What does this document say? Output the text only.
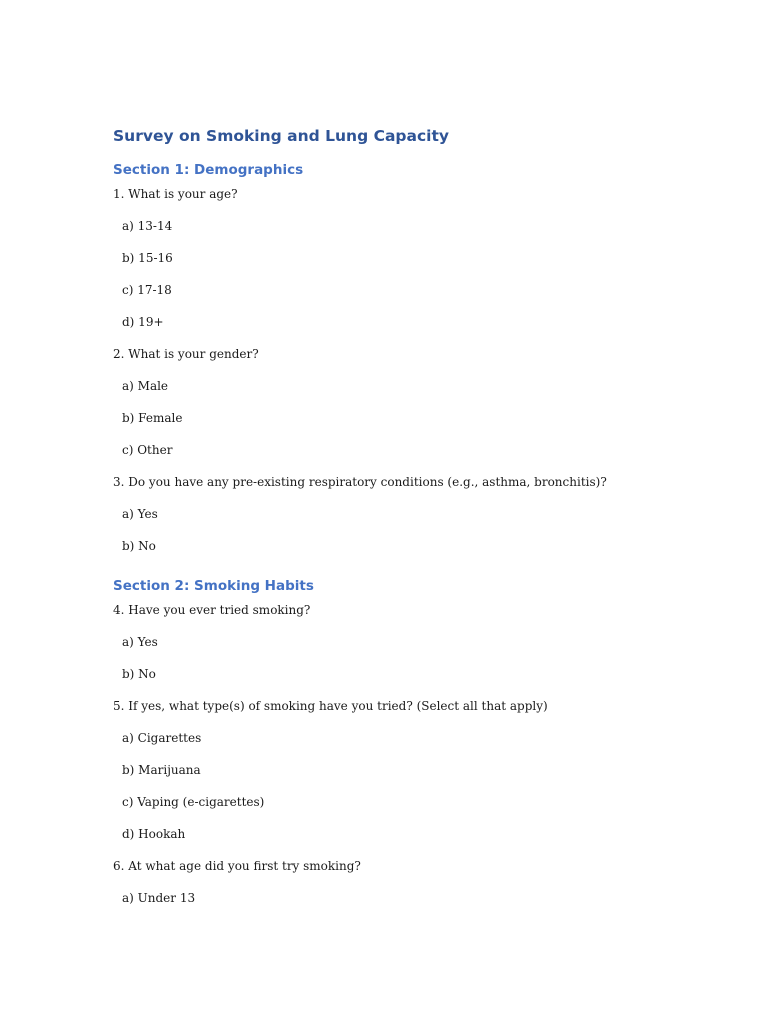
Survey on Smoking and Lung Capacity
Section 1: Demographics

1. What is your age?

a) 13-14

b) 15-16

c) 17-18

d) 19+

2. What is your gender?

a) Male

b) Female

c) Other

3. Do you have any pre-existing respiratory conditions (e.g., asthma, bronchitis)?

a) Yes

b) No

Section 2: Smoking Habits

4. Have you ever tried smoking?

a) Yes

b) No

5. If yes, what type(s) of smoking have you tried? (Select all that apply)

a) Cigarettes

b) Marijuana

c) Vaping (e-cigarettes)

d) Hookah

6. At what age did you first try smoking?

a) Under 13
